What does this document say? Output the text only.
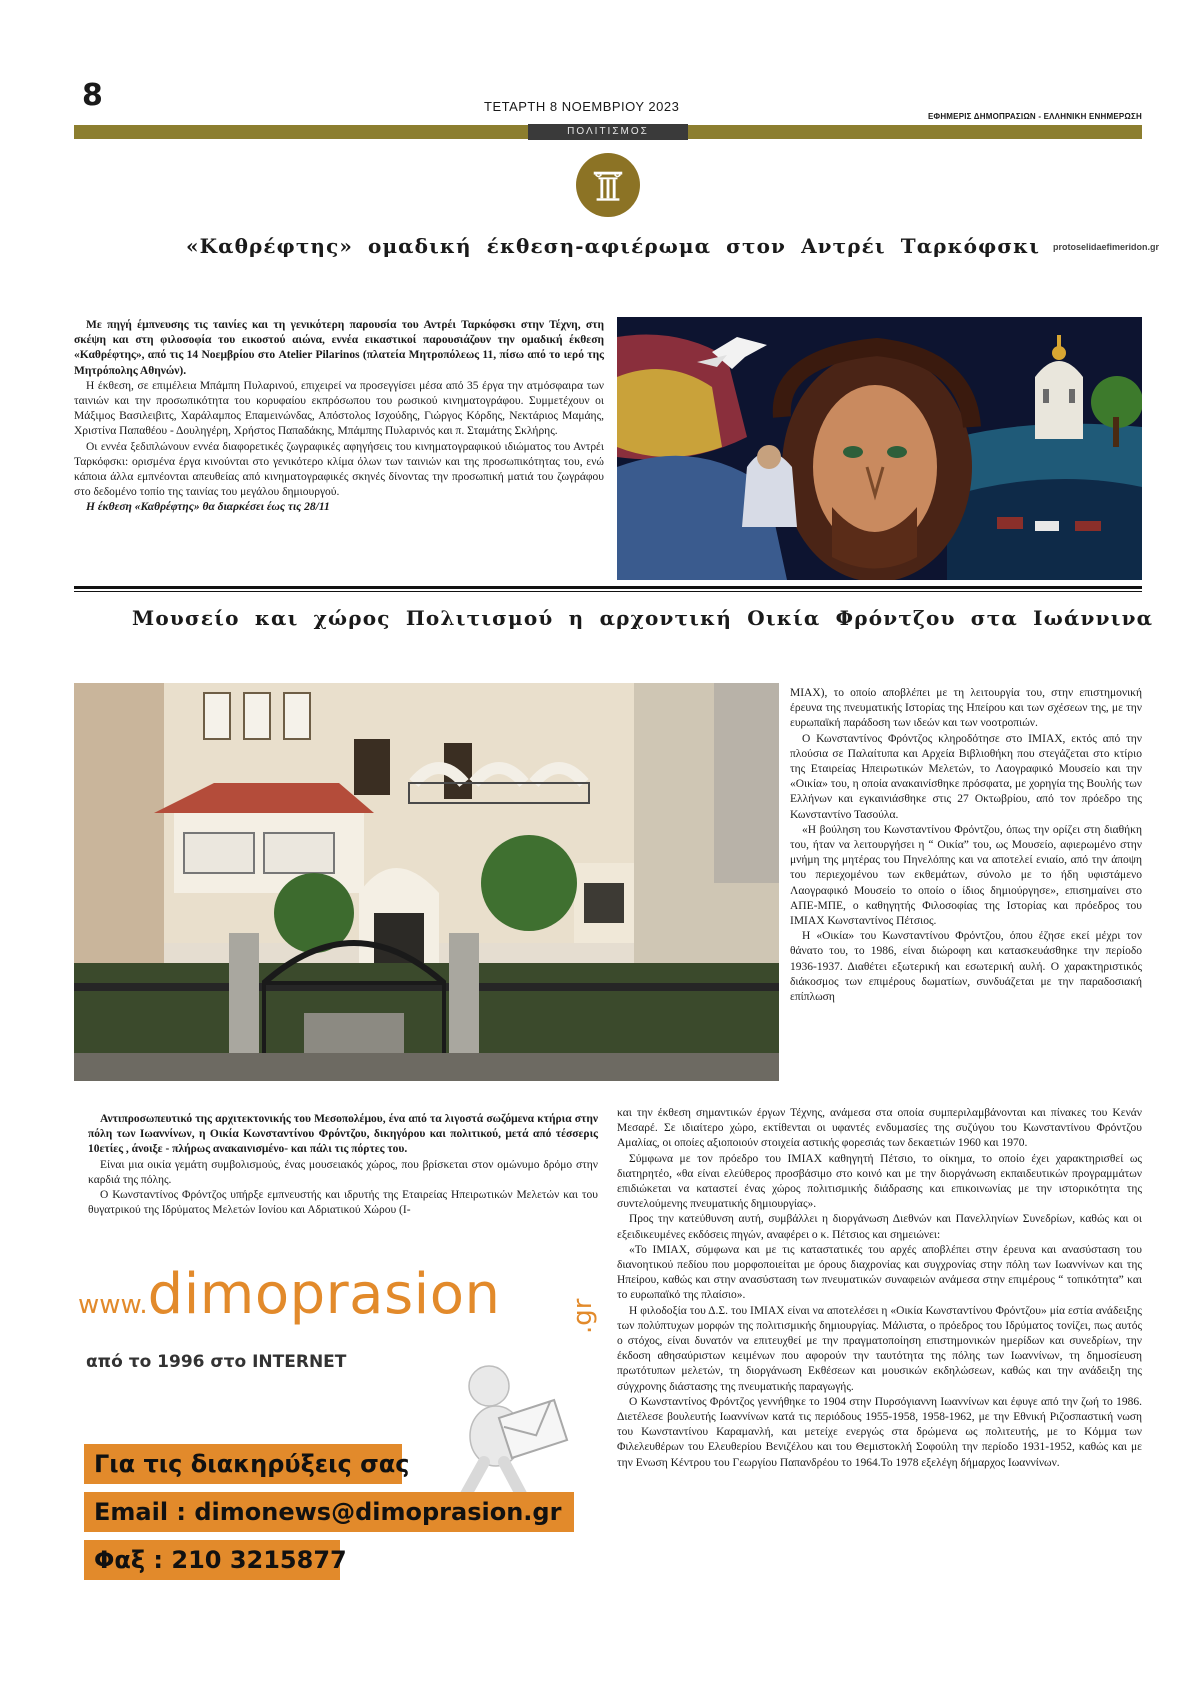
8	ΤΕΤΑΡΤΗ 8 ΝΟΕΜΒΡΙΟΥ 2023
ΕΦΗΜΕΡΙΣ ΔΗΜΟΠΡΑΣΙΩΝ - ΕΛΛΗΝΙΚΗ ΕΝΗΜΕΡΩΣΗ
ΠΟΛΙΤΙΣΜΟΣ
«Καθρέφτης» ομαδική έκθεση-αφιέρωμα στον Αντρέι Ταρκόφσκι protoselidaefimeridon.gr

Με πηγή έμπνευσης τις ταινίες και τη γενικότερη παρουσία του Αντρέι Ταρκόφσκι στην Τέχνη, στη σκέψη και στη φιλοσοφία του εικοστού αιώνα, εννέα εικαστικοί παρουσιάζουν την ομαδική έκθεση «Καθρέφτης», από τις 14 Νοεμβρίου στο Atelier Pilarinos (πλατεία Μητροπόλεως 11, πίσω από το ιερό της Μητρόπολης Αθηνών).

Η έκθεση, σε επιμέλεια Μπάμπη Πυλαρινού, επιχειρεί να προσεγγίσει μέσα από 35 έργα την ατμόσφαιρα των ταινιών και την προσωπικότητα του κορυφαίου εκπρόσωπου του ρωσικού κινηματογράφου. Συμμετέχουν οι Μάξιμος Βασιλειβιτς, Χαράλαμπος Επαμεινώνδας, Απόστολος Ισχούδης, Γιώργος Κόρδης, Νεκτάριος Μαμάης, Χριστίνα Παπαθέου - Δουληγέρη, Χρήστος Παπαδάκης, Μπάμπης Πυλαρινός και π. Σταμάτης Σκλήρης.

Οι εννέα ξεδιπλώνουν εννέα διαφορετικές ζωγραφικές αφηγήσεις του κινηματογραφικού ιδιώματος του Αντρέι Ταρκόφσκι: ορισμένα έργα κινούνται στο γενικότερο κλίμα όλων των ταινιών και της προσωπικότητας του, ενώ κάποια άλλα εμπνέονται απευθείας από κινηματογραφικές σκηνές δίνοντας την προσωπική ματιά του ζωγράφου στο δεδομένο τοπίο της ταινίας του μεγάλου δημιουργού.

Η έκθεση «Καθρέφτης» θα διαρκέσει έως τις 28/11

Μουσείο και χώρος Πολιτισμού η αρχοντική Οικία Φρόντζου στα Ιωάννινα

Αντιπροσωπευτικό της αρχιτεκτονικής του Μεσοπολέμου, ένα από τα λιγοστά σωζόμενα κτήρια στην πόλη των Ιωαννίνων, η Οικία Κωνσταντίνου Φρόντζου, δικηγόρου και πολιτικού, μετά από τέσσερις 10ετίες , άνοιξε - πλήρως ανακαινισμένο- και πάλι τις πόρτες του.

Είναι μια οικία γεμάτη συμβολισμούς, ένας μουσειακός χώρος, που βρίσκεται στον ομώνυμο δρόμο στην καρδιά της πόλης.

Ο Κωνσταντίνος Φρόντζος υπήρξε εμπνευστής και ιδρυτής της Εταιρείας Ηπειρωτικών Μελετών και του θυγατρικού της Ιδρύματος Μελετών Ιονίου και Αδριατικού Χώρου (Ι-

ΜΙΑΧ), το οποίο αποβλέπει με τη λειτουργία του, στην επιστημονική έρευνα της πνευματικής Ιστορίας της Ηπείρου και των σχέσεων της, με την ευρωπαϊκή παράδοση των ιδεών και των νοοτροπιών.

Ο Κωνσταντίνος Φρόντζος κληροδότησε στο ΙΜΙΑΧ, εκτός από την πλούσια σε Παλαίτυπα και Αρχεία Βιβλιοθήκη που στεγάζεται στο κτίριο της Εταιρείας Ηπειρωτικών Μελετών, το Λαογραφικό Μουσείο και την «Οικία» του, η οποία ανακαινίσθηκε πρόσφατα, με χορηγία της Βουλής των Ελλήνων και εγκαινιάσθηκε στις 27 Οκτωβρίου, από τον πρόεδρο της Κωνσταντίνο Τασούλα.

«Η βούληση του Κωνσταντίνου Φρόντζου, όπως την ορίζει στη διαθήκη του, ήταν να λειτουργήσει η “ Οικία” του, ως Μουσείο, αφιερωμένο στην μνήμη της μητέρας του Πηνελόπης και να αποτελεί ενιαίο, από την άποψη του περιεχομένου των εκθεμάτων, σύνολο με το ήδη υφιστάμενο Λαογραφικό Μουσείο το οποίο ο ίδιος δημιούργησε», επισημαίνει στο ΑΠΕ-ΜΠΕ, ο καθηγητής Φιλοσοφίας της Ιστορίας και πρόεδρος του ΙΜΙΑΧ Κωνσταντίνος Πέτσιος.

Η «Οικία» του Κωνσταντίνου Φρόντζου, όπου έζησε εκεί μέχρι τον θάνατο του, το 1986, είναι διώροφη και κατασκευάσθηκε την περίοδο 1936-1937. Διαθέτει εξωτερική και εσωτερική αυλή. Ο χαρακτηριστικός διάκοσμος των επιμέρους δωματίων, συνδυάζεται με την παραδοσιακή επίπλωση

και την έκθεση σημαντικών έργων Τέχνης, ανάμεσα στα οποία συμπεριλαμβάνονται και πίνακες του Κενάν Μεσαρέ. Σε ιδιαίτερο χώρο, εκτίθενται οι υφαντές ενδυμασίες της συζύγου του Κωνσταντίνου Φρόντζου Αμαλίας, οι οποίες αξιοποιούν στοιχεία αστικής φορεσιάς των δεκαετιών 1960 και 1970.

Σύμφωνα με τον πρόεδρο του ΙΜΙΑΧ καθηγητή Πέτσιο, το οίκημα, το οποίο έχει χαρακτηρισθεί ως διατηρητέο, «θα είναι ελεύθερος προσβάσιμο στο κοινό και με την διοργάνωση εκπαιδευτικών προγραμμάτων επιδιώκεται να καταστεί ένας χώρος πολιτισμικής διάδρασης και επικοινωνίας με την ιστορικότητα της συντελούμενης πνευματικής δημιουργίας».

Προς την κατεύθυνση αυτή, συμβάλλει η διοργάνωση Διεθνών και Πανελληνίων Συνεδρίων, καθώς και οι εξειδικευμένες εκδόσεις πηγών, αναφέρει ο κ. Πέτσιος και σημειώνει:

«Το ΙΜΙΑΧ, σύμφωνα και με τις καταστατικές του αρχές αποβλέπει στην έρευνα και ανασύσταση του διανοητικού πεδίου που μορφοποιείται με όρους διαχρονίας και συγχρονίας στην πόλη των Ιωαννίνων και της Ηπείρου, καθώς και στην ανασύσταση των πνευματικών συναφειών ανάμεσα στην επιμέρους “ τοπικότητα” και το ευρωπαϊκό της πλαίσιο».

Η φιλοδοξία του Δ.Σ. του ΙΜΙΑΧ είναι να αποτελέσει η «Οικία Κωνσταντίνου Φρόντζου» μία εστία ανάδειξης των πολύπτυχων μορφών της πολιτισμικής δημιουργίας. Μάλιστα, ο πρόεδρος του Ιδρύματος τονίζει, πως αυτός ο στόχος, είναι δυνατόν να επιτευχθεί με την πραγματοποίηση επιστημονικών ημερίδων και συνεδρίων, την έκδοση αθησαύριστων κειμένων που αφορούν την ταυτότητα της πόλης των Ιωαννίνων, τη δημοσίευση πρωτότυπων μελετών, τη διοργάνωση Εκθέσεων και μουσικών εκδηλώσεων, καθώς και την ανάδειξη της σύγχρονης διάστασης της πνευματικής παραγωγής.

Ο Κωνσταντίνος Φρόντζος γεννήθηκε το 1904 στην Πυρσόγιαννη Ιωαννίνων και έφυγε από την ζωή το 1986. Διετέλεσε βουλευτής Ιωαννίνων κατά τις περιόδους 1955-1958, 1958-1962, με την Εθνική Ριζοσπαστική νωση του Κωνσταντίνου Καραμανλή, και μετείχε ενεργώς στα δρώμενα ως πολιτευτής, με το Κόμμα των Φιλελευθέρων του Ελευθερίου Βενιζέλου και του Θεμιστοκλή Σοφούλη την περίοδο 1931-1952, καθώς και με την Ενωση Κέντρου του Γεωργίου Παπανδρέου το 1964.Το 1978 εξελέγη δήμαρχος Ιωαννίνων.

www.dimoprasion	.gr
από το 1996 στο INTERNET
Για τις διακηρύξεις σας
Email : dimonews@dimoprasion.gr
Φαξ : 210 3215877
